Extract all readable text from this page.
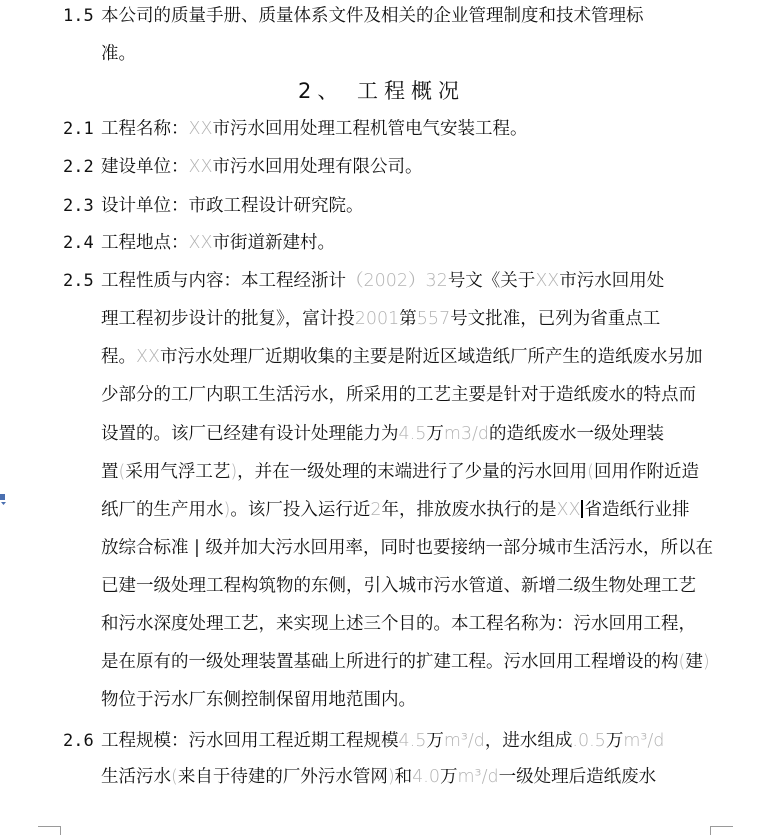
1.5 本公司的质量手册、质量体系文件及相关的企业管理制度和技术管理标
准。
2、 工程概况
2.1 工程名称：XX市污水回用处理工程机管电气安装工程。
2.2 建设单位：XX市污水回用处理有限公司。
2.3 设计单位：市政工程设计研究院。
2.4 工程地点：XX市街道新建村。
2.5 工程性质与内容：本工程经浙计（2002）32号文《关于XX市污水回用处
理工程初步设计的批复》，富计投2001第557号文批准，已列为省重点工
程。XX市污水处理厂近期收集的主要是附近区域造纸厂所产生的造纸废水另加
少部分的工厂内职工生活污水，所采用的工艺主要是针对于造纸废水的特点而
设置的。该厂已经建有设计处理能力为4.5万m3/d的造纸废水一级处理装
置(采用气浮工艺)，并在一级处理的末端进行了少量的污水回用(回用作附近造
纸厂的生产用水)。该厂投入运行近2年，排放废水执行的是XX 省造纸行业排
放综合标准 | 级并加大污水回用率，同时也要接纳一部分城市生活污水，所以在
已建一级处理工程构筑物的东侧，引入城市污水管道、新增二级生物处理工艺
和污水深度处理工艺，来实现上述三个目的。本工程名称为：污水回用工程，
是在原有的一级处理装置基础上所进行的扩建工程。污水回用工程增设的构(建)
物位于污水厂东侧控制保留用地范围内。
2.6 工程规模：污水回用工程近期工程规模4.5万m³/d，进水组成.0.5万m³/d
生活污水(来自于待建的厂外污水管网)和4.0万m³/d一级处理后造纸废水
